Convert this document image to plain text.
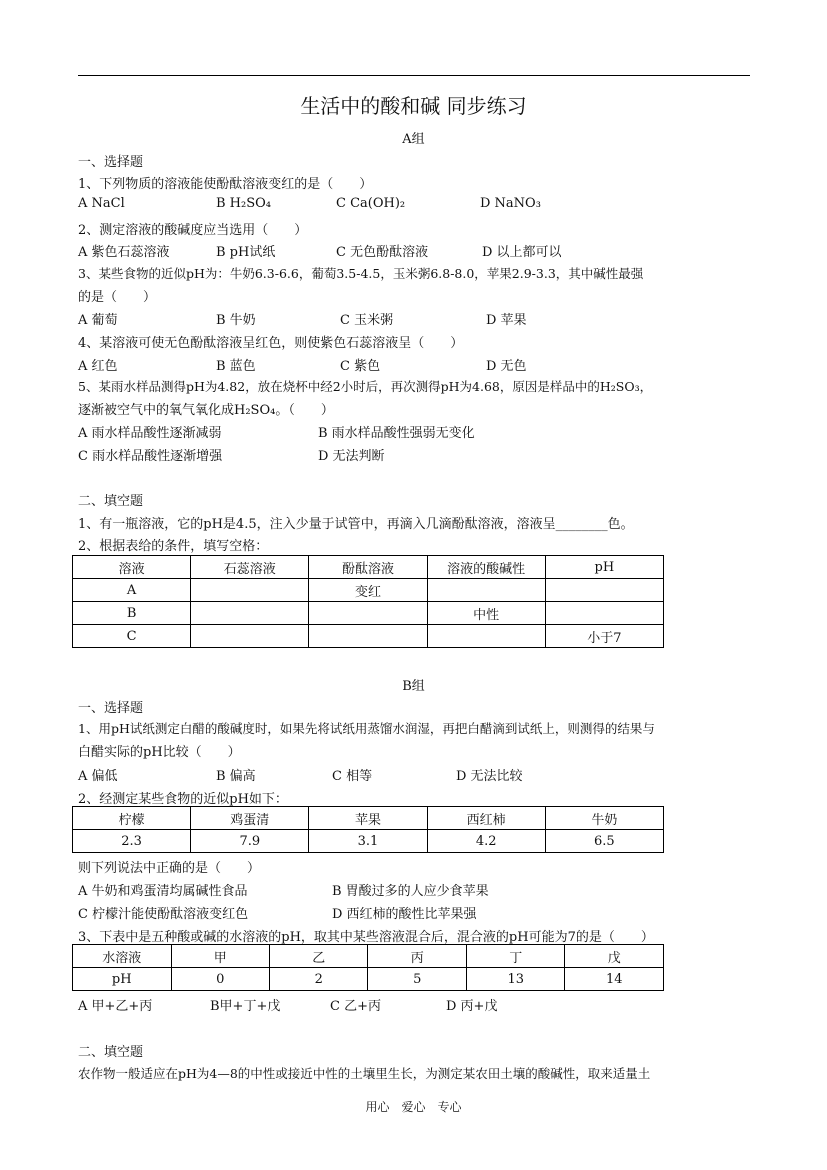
生活中的酸和碱 同步练习
A组
一、选择题
1、下列物质的溶液能使酚酞溶液变红的是（　　）
A NaCl	B H₂SO₄	C Ca(OH)₂	D NaNO₃
2、测定溶液的酸碱度应当选用（　　）
A 紫色石蕊溶液	B pH试纸	C 无色酚酞溶液	D 以上都可以
3、某些食物的近似pH为：牛奶6.3-6.6，葡萄3.5-4.5，玉米粥6.8-8.0，苹果2.9-3.3，其中碱性最强
的是（　　）
A 葡萄	B 牛奶	C 玉米粥	D 苹果
4、某溶液可使无色酚酞溶液呈红色，则使紫色石蕊溶液呈（　　）
A 红色	B 蓝色	C 紫色	D 无色
5、某雨水样品测得pH为4.82，放在烧杯中经2小时后，再次测得pH为4.68，原因是样品中的H₂SO₃，
逐渐被空气中的氧气氧化成H₂SO₄。（　　）
A 雨水样品酸性逐渐减弱	B 雨水样品酸性强弱无变化
C 雨水样品酸性逐渐增强	D 无法判断
二、填空题
1、有一瓶溶液，它的pH是4.5，注入少量于试管中，再滴入几滴酚酞溶液，溶液呈________色。
2、根据表给的条件，填写空格：
溶液	石蕊溶液	酚酞溶液	溶液的酸碱性	pH
A		变红		
B			中性	
C				小于7
B组
一、选择题
1、用pH试纸测定白醋的酸碱度时，如果先将试纸用蒸馏水润湿，再把白醋滴到试纸上，则测得的结果与
白醋实际的pH比较（　　）
A 偏低	B 偏高	C 相等	D 无法比较
2、经测定某些食物的近似pH如下：
柠檬	鸡蛋清	苹果	西红柿	牛奶
2.3	7.9	3.1	4.2	6.5
则下列说法中正确的是（　　）
A 牛奶和鸡蛋清均属碱性食品	B 胃酸过多的人应少食苹果
C 柠檬汁能使酚酞溶液变红色	D 西红柿的酸性比苹果强
3、下表中是五种酸或碱的水溶液的pH，取其中某些溶液混合后，混合液的pH可能为7的是（　　）
水溶液	甲	乙	丙	丁	戊
pH	0	2	5	13	14
A 甲+乙+丙	B甲+丁+戊	C 乙+丙	D 丙+戊
二、填空题
农作物一般适应在pH为4—8的中性或接近中性的土壤里生长，为测定某农田土壤的酸碱性，取来适量土
用心　爱心　专心
